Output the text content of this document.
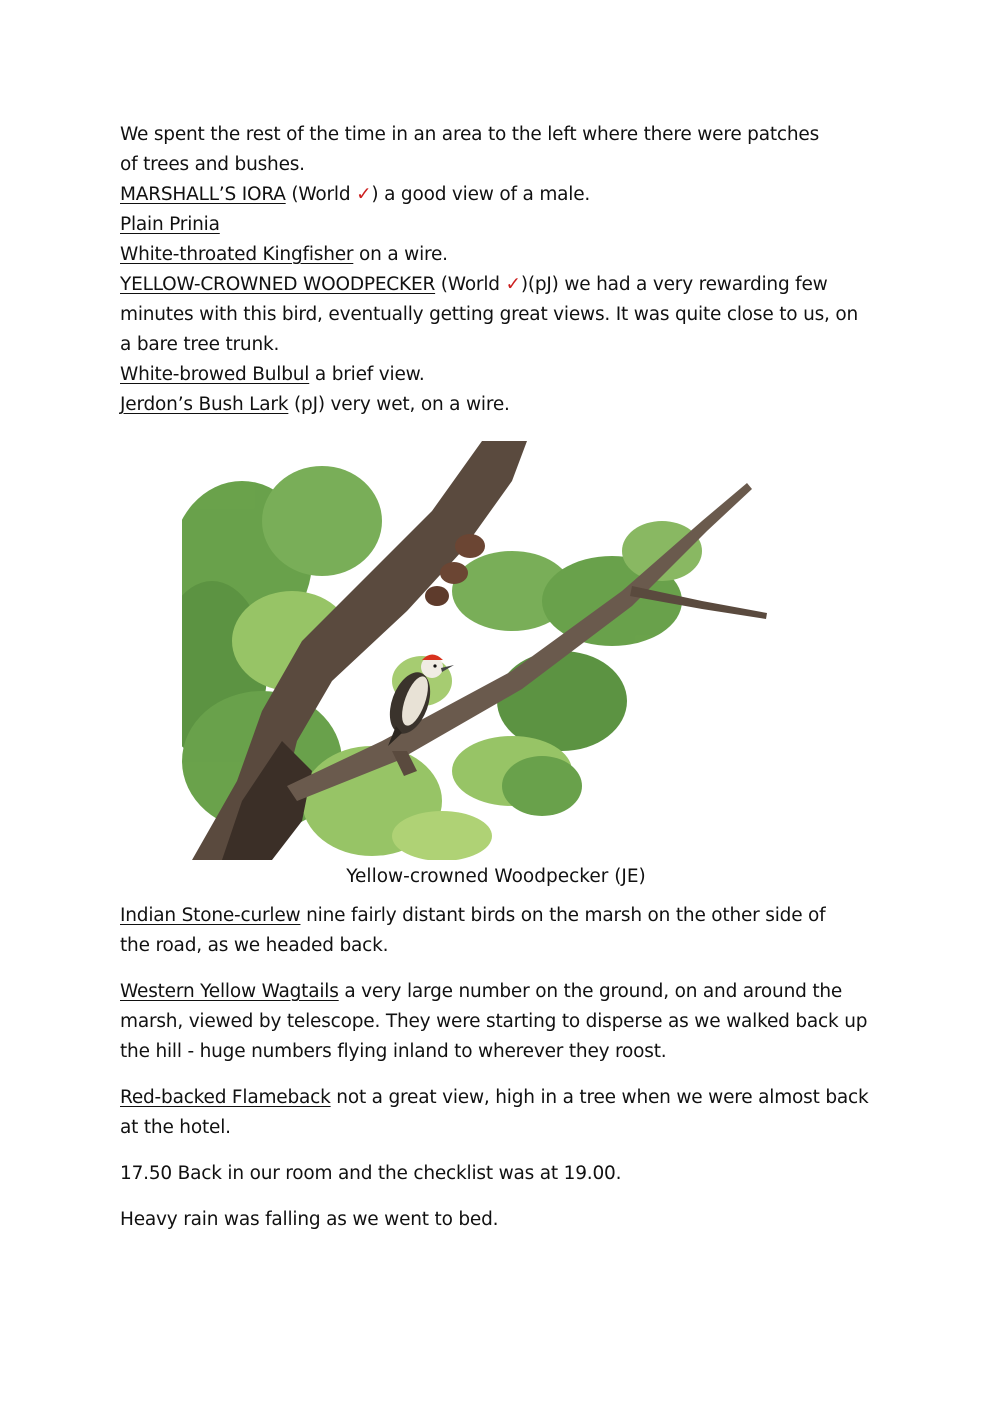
We spent the rest of the time in an area to the left where there were patches

of trees and bushes.

MARSHALL’S IORA (World ✓) a good view of a male.

Plain Prinia

White-throated Kingfisher on a wire.

YELLOW-CROWNED WOODPECKER (World ✓)(pJ) we had a very rewarding few

minutes with this bird, eventually getting great views. It was quite close to us, on

a bare tree trunk.

White-browed Bulbul a brief view.

Jerdon’s Bush Lark (pJ) very wet, on a wire.

Yellow-crowned Woodpecker (JE)

Indian Stone-curlew nine fairly distant birds on the marsh on the other side of

the road, as we headed back.

Western Yellow Wagtails a very large number on the ground, on and around the

marsh, viewed by telescope. They were starting to disperse as we walked back up

the hill - huge numbers flying inland to wherever they roost.

Red-backed Flameback not a great view, high in a tree when we were almost back

at the hotel.

17.50 Back in our room and the checklist was at 19.00.

Heavy rain was falling as we went to bed.
